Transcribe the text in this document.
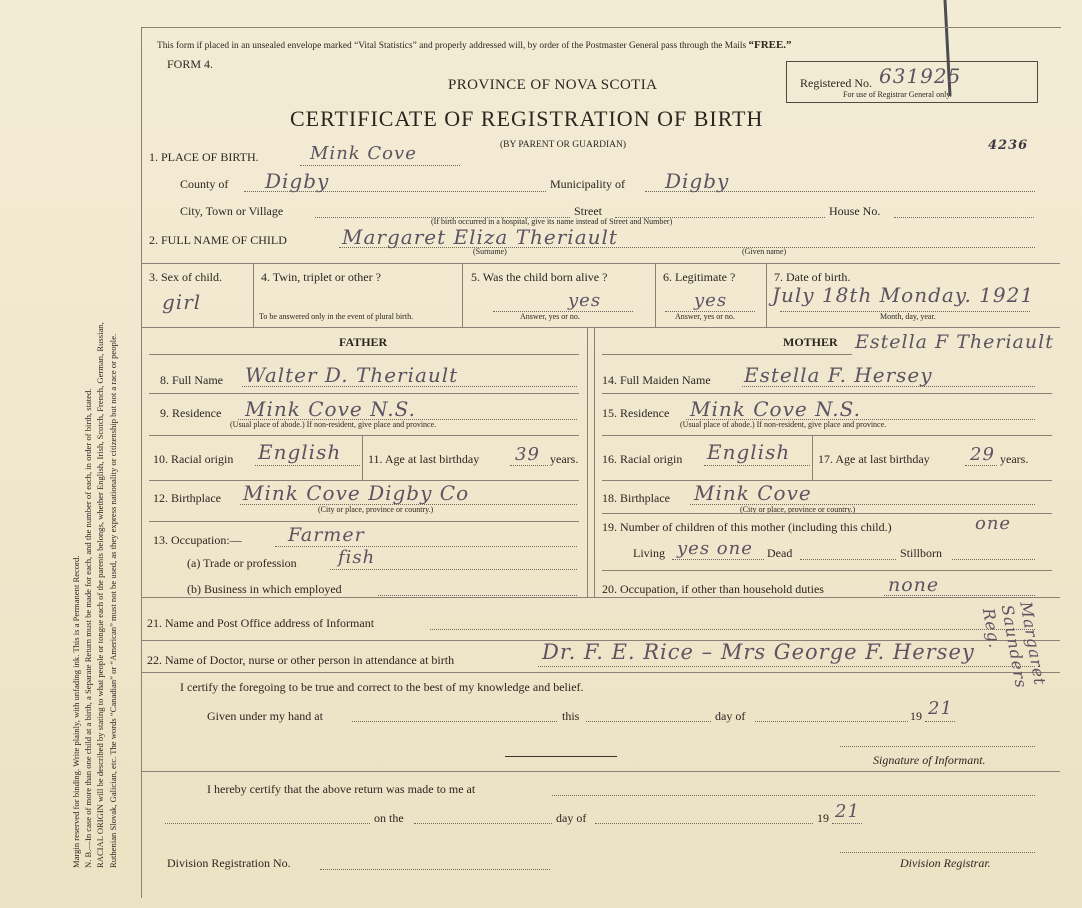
Margin reserved for binding. Write plainly, with unfading ink. This is a Permanent Record. N. B.—In case of more than one child at a birth, a Separate Return must be made for each, and the number of each, in order of birth, stated. RACIAL ORIGIN will be described by stating to what people or tongue each of the parents belongs, whether English, Irish, Scotch, French, German, Russian, Ruthenian Slovak, Galician, etc. The words “Canadian” or “American” must not be used, as they express nationality or citizenship but not a race or people.
This form if placed in an unsealed envelope marked “Vital Statistics” and properly addressed will, by order of the Postmaster General pass through the Mails “FREE.”
FORM 4.
PROVINCE OF NOVA SCOTIA
CERTIFICATE OF REGISTRATION OF BIRTH
(BY PARENT OR GUARDIAN)
Registered No. 631925
For use of Registrar General only.
4236
1. PLACE OF BIRTH.	Mink Cove
County of Digby	Municipality of Digby
City, Town or Village	Street	House No.
(If birth occurred in a hospital, give its name instead of Street and Number)
2. FULL NAME OF CHILD	Margaret Eliza Theriault
(Surname)	(Given name)
3. Sex of child.
girl
4. Twin, triplet or other ?
To be answered only in the event of plural birth.
5. Was the child born alive ?
yes
Answer, yes or no.
6. Legitimate ?
yes
Answer, yes or no.
7. Date of birth.
July 18th Monday. 1921
Month, day, year.
FATHER	MOTHER Estella F Theriault
8. Full Name Walter D. Theriault
9. Residence Mink Cove N.S.
(Usual place of abode.) If non-resident, give place and province.
10. Racial origin English 11. Age at last birthday 39 years.
12. Birthplace Mink Cove Digby Co
(City or place, province or country.)
13. Occupation:— Farmer
(a) Trade or profession fish
(b) Business in which employed
14. Full Maiden Name Estella F. Hersey
15. Residence Mink Cove N.S.
(Usual place of abode.) If non-resident, give place and province.
16. Racial origin English 17. Age at last birthday 29 years.
18. Birthplace Mink Cove
(City or place, province or country.)
19. Number of children of this mother (including this child.)	one
Living yes one Dead	Stillborn
20. Occupation, if other than household duties	none
21. Name and Post Office address of Informant
22. Name of Doctor, nurse or other person in attendance at birth	Dr. F. E. Rice – Mrs George F. Hersey
I certify the foregoing to be true and correct to the best of my knowledge and belief.
Given under my hand at	this	day of	19 21
Signature of Informant.
I hereby certify that the above return was made to me at
on the	day of	19 21
Division Registration No.	Division Registrar.
Margaret Saunders Reg.
